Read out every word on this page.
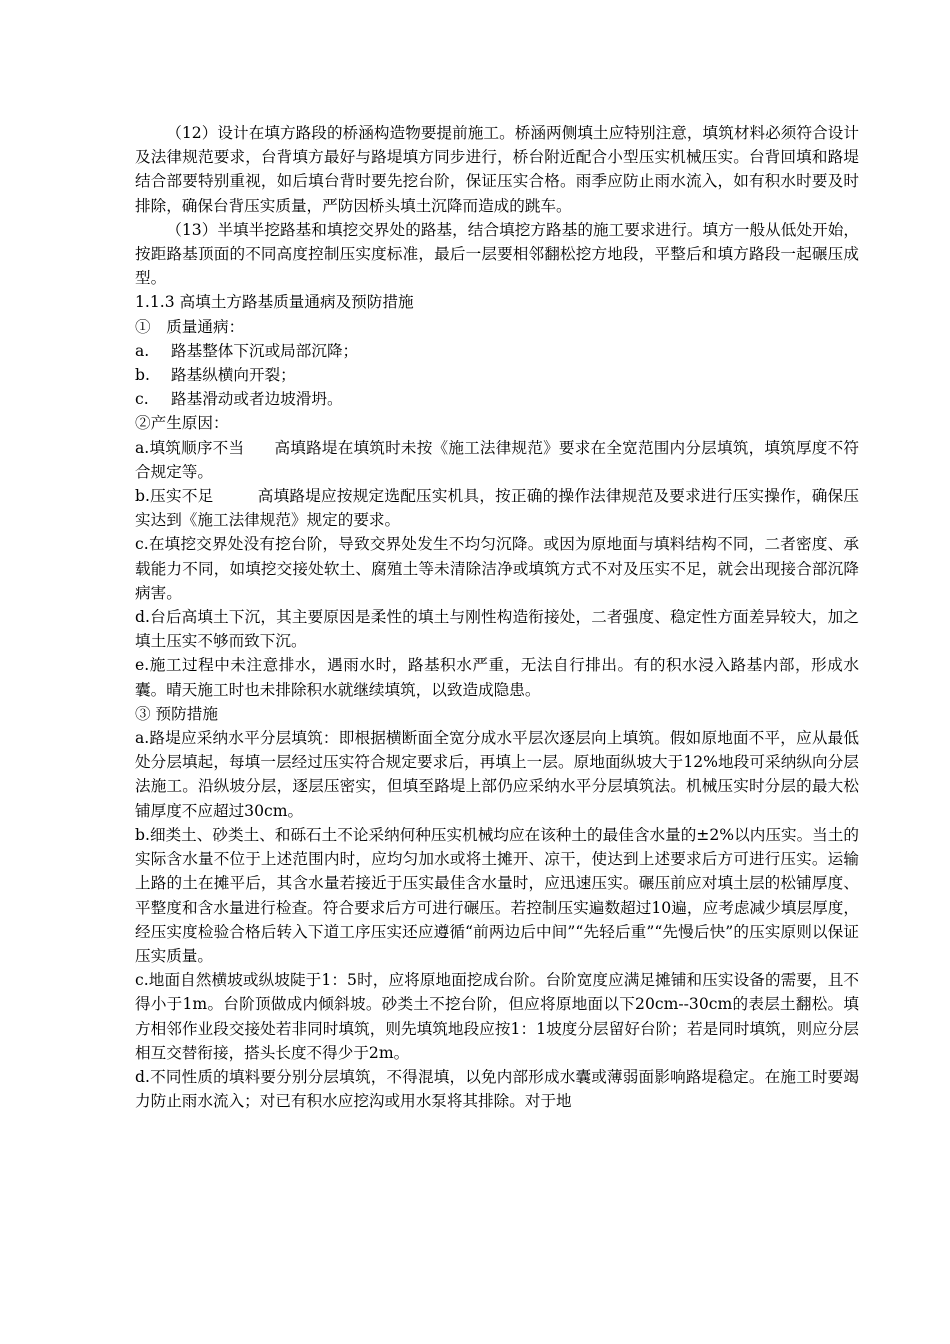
（12）设计在填方路段的桥涵构造物要提前施工。桥涵两侧填土应特别注意，填筑材料必须符合设计及法律规范要求，台背填方最好与路堤填方同步进行，桥台附近配合小型压实机械压实。台背回填和路堤结合部要特别重视，如后填台背时要先挖台阶，保证压实合格。雨季应防止雨水流入，如有积水时要及时排除，确保台背压实质量，严防因桥头填土沉降而造成的跳车。

（13）半填半挖路基和填挖交界处的路基，结合填挖方路基的施工要求进行。填方一般从低处开始，按距路基顶面的不同高度控制压实度标准，最后一层要相邻翻松挖方地段，平整后和填方路段一起碾压成型。

1.1.3 高填土方路基质量通病及预防措施

①　质量通病：

a. 路基整体下沉或局部沉降；

b. 路基纵横向开裂；

c. 路基滑动或者边坡滑坍。

②产生原因：

a.填筑顺序不当 高填路堤在填筑时未按《施工法律规范》要求在全宽范围内分层填筑，填筑厚度不符合规定等。

b.压实不足	高填路堤应按规定选配压实机具，按正确的操作法律规范及要求进行压实操作，确保压实达到《施工法律规范》规定的要求。

c.在填挖交界处没有挖台阶，导致交界处发生不均匀沉降。或因为原地面与填料结构不同，二者密度、承载能力不同，如填挖交接处软土、腐殖土等未清除洁净或填筑方式不对及压实不足，就会出现接合部沉降病害。

d.台后高填土下沉，其主要原因是柔性的填土与刚性构造衔接处，二者强度、稳定性方面差异较大，加之填土压实不够而致下沉。

e.施工过程中未注意排水，遇雨水时，路基积水严重，无法自行排出。有的积水浸入路基内部，形成水囊。晴天施工时也未排除积水就继续填筑，以致造成隐患。

③ 预防措施

a.路堤应采纳水平分层填筑：即根据横断面全宽分成水平层次逐层向上填筑。假如原地面不平，应从最低处分层填起，每填一层经过压实符合规定要求后，再填上一层。原地面纵坡大于12%地段可采纳纵向分层法施工。沿纵坡分层，逐层压密实，但填至路堤上部仍应采纳水平分层填筑法。机械压实时分层的最大松铺厚度不应超过30cm。

b.细类土、砂类土、和砾石土不论采纳何种压实机械均应在该种土的最佳含水量的±2%以内压实。当土的实际含水量不位于上述范围内时，应均匀加水或将土摊开、凉干，使达到上述要求后方可进行压实。运输上路的土在摊平后，其含水量若接近于压实最佳含水量时，应迅速压实。碾压前应对填土层的松铺厚度、平整度和含水量进行检查。符合要求后方可进行碾压。若控制压实遍数超过10遍，应考虑减少填层厚度，经压实度检验合格后转入下道工序压实还应遵循“前两边后中间”“先轻后重”“先慢后快”的压实原则以保证压实质量。

c.地面自然横坡或纵坡陡于1：5时，应将原地面挖成台阶。台阶宽度应满足摊铺和压实设备的需要，且不得小于1m。台阶顶做成内倾斜坡。砂类土不挖台阶，但应将原地面以下20cm--30cm的表层土翻松。填方相邻作业段交接处若非同时填筑，则先填筑地段应按1：1坡度分层留好台阶；若是同时填筑，则应分层相互交替衔接，搭头长度不得少于2m。

d.不同性质的填料要分别分层填筑，不得混填，以免内部形成水囊或薄弱面影响路堤稳定。在施工时要竭力防止雨水流入；对已有积水应挖沟或用水泵将其排除。对于地
